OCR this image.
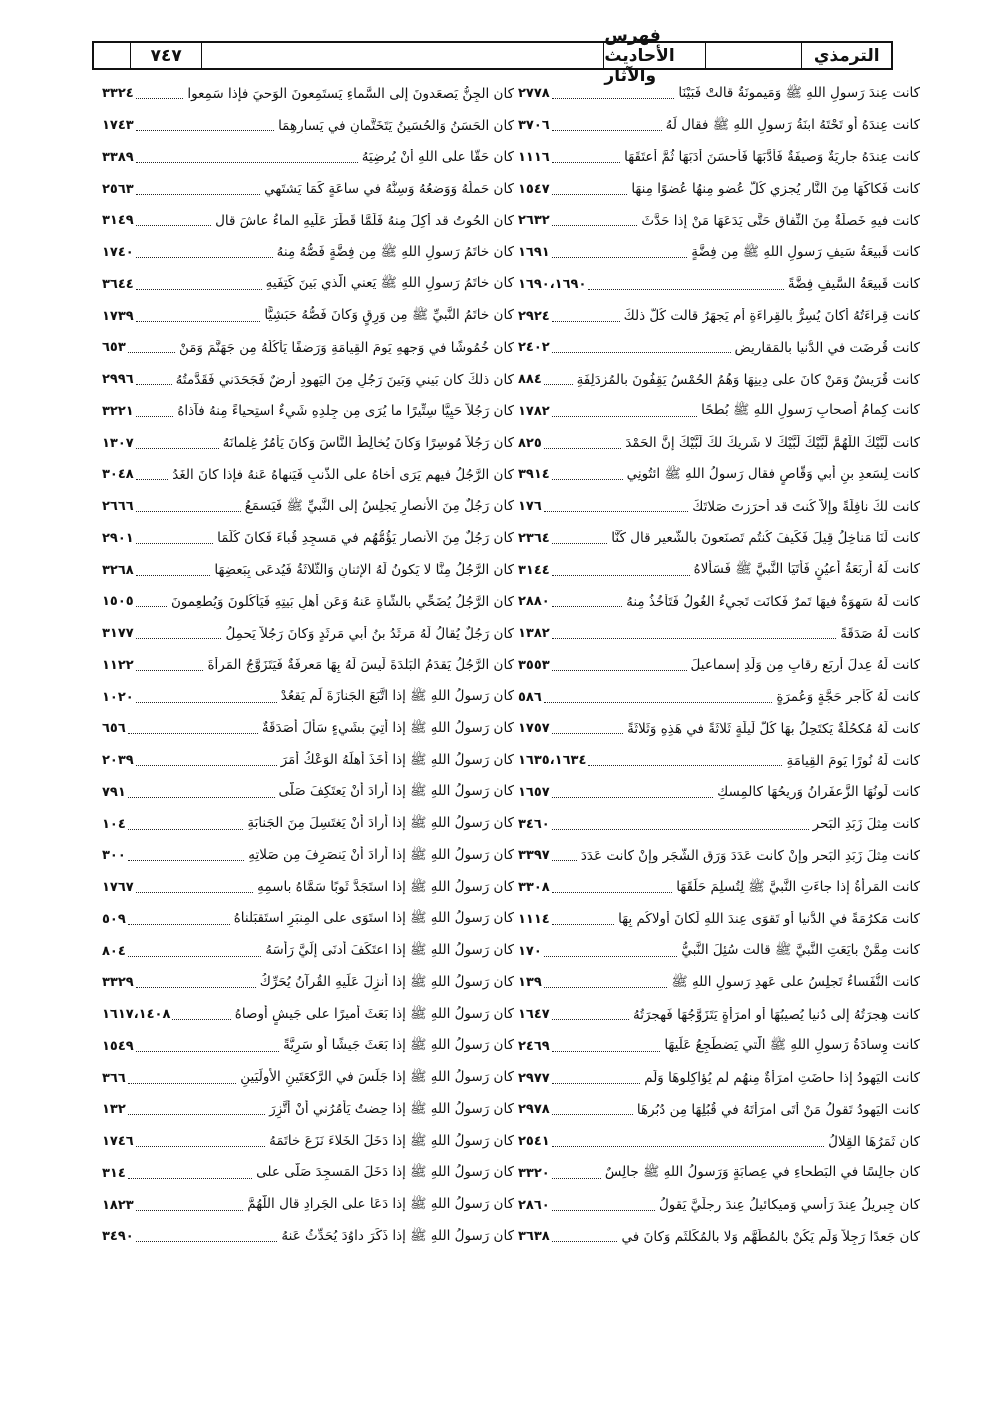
٧٤٧
فهرس الأحاديث والآثار
الترمذي
كانت عِندَ رَسولِ اللهِ ﷺ وَمَيمونَةُ قالتْ فَبَيْنَا
٢٧٧٨
كان الجِنُّ يَصعَدونَ إلى السَّماءِ يَستَمِعونَ الوَحيَ فإذا سَمِعوا
٣٣٢٤
كانت عِندَهُ أو تَحْتَهُ ابنَةُ رَسولِ اللهِ ﷺ فقال لَهُ
٣٧٠٦
كان الحَسَنُ وَالحُسَينُ يَتَخَتَّمانِ في يَسارِهِمَا
١٧٤٣
كانت عِندَهُ جارِيَةٌ وَصيفَةٌ فَأَدَّبَهَا فَأَحسَنَ أدَبَهَا ثُمَّ أعتَقَهَا
١١١٦
كان حَقًّا على اللهِ أنْ يُرضِيَهُ
٣٣٨٩
كانت فَكاكَهَا مِنَ النَّارِ يُجزِي كُلُّ عُضوٍ مِنهُا عُضوًا مِنهَا
١٥٤٧
كان حَملُهُ وَوَضعُهُ وَسِنُّهُ في ساعَةٍ كَمَا يَشتَهِي
٢٥٦٣
كانت فيهِ خَصلَةٌ مِنَ النِّفاقِ حَتَّى يَدَعَهَا مَنْ إِذا حَدَّثَ
٢٦٣٢
كان الحُوتُ قد أُكِلَ مِنهُ فَلَمَّا قَطَرَ عَلَيهِ الماءُ عاشَ قال
٣١٤٩
كانت قَبيعَةُ سَيفِ رَسولِ اللهِ ﷺ مِن فِضَّةٍ
١٦٩١
كان خاتَمُ رَسولِ اللهِ ﷺ مِن فِضَّةٍ فَصُّهُ مِنهُ
١٧٤٠
كانت قَبيعَةُ السَّيفِ فِضَّةً
١٦٩٠،١٦٩٠
كان خاتَمُ رَسولِ اللهِ ﷺ يَعني الَّذي بَينَ كَتِفَيهِ
٣٦٤٤
كانت قِراءَتُهُ أكانَ يُسِرُّ بالقِراءَةِ أم يَجهَرُ قالت كُلُّ ذلكَ
٢٩٢٤
كان خاتَمُ النَّبيِّ ﷺ مِن وَرِقٍ وَكانَ فَصُّهُ حَبَشِيًّا
١٧٣٩
كانت قُرضَت في الدُّنيا بالمَقاريضِ
٢٤٠٢
كان خُمُوشًا في وَجهِهِ يَومَ القِيامَةِ وَرَضفًا يَأكُلُهُ مِن جَهَنَّمَ وَمَنْ
٦٥٣
كانت قُرَيشٌ وَمَنْ كانَ على دِينِهَا وَهُمُ الحُمْسُ يَقِفُونَ بالمُزدَلِفَةِ
٨٨٤
كان ذلكَ كان بَيني وَبَينَ رَجُلٍ مِنَ اليَهودِ أرضٌ فَجَحَدَني فَقَدَّمتُهُ
٢٩٩٦
كانت كِمامُ أصحابِ رَسولِ اللهِ ﷺ بُطحًا
١٧٨٢
كان رَجُلاً حَيِيًّا سِتِّيرًا ما يُرَى مِن جِلدِهِ شَيءٌ استِحياءً مِنهُ فآذاهُ
٣٢٢١
كانت لَبَّيْكَ اللَّهُمَّ لَبَّيْكَ لَبَّيْكَ لا شَريكَ لكَ لَبَّيْكَ إنَّ الحَمْدَ
٨٢٥
كان رَجُلاً مُوسِرًا وَكانَ يُخالِطُ النَّاسَ وَكانَ يَأمُرُ غِلمانَهُ
١٣٠٧
كانت لِسَعدِ بنِ أبي وَقَّاصٍ فقال رَسولُ اللهِ ﷺ ائتُونِي
٣٩١٤
كان الرَّجُلُ فيهِم يَرَى أخاهُ على الذَّنبِ فَيَنهاهُ عَنهُ فإذا كانَ الغَدُ
٣٠٤٨
كانت لكَ نافِلَةً وإلاَّ كُنتَ قد أحرَزتَ صَلاتَكَ
١٧٦
كان رَجُلٌ مِنَ الأنصارِ يَجلِسُ إلى النَّبيِّ ﷺ فَيَسمَعُ
٢٦٦٦
كانت لَنَا مَناخِلُ قِيلَ فَكَيفَ كُنتُم تَصنَعونَ بالشَّعيرِ قال كُنَّا
٢٣٦٤
كان رَجُلٌ مِنَ الأنصارِ يَؤُمُّهُم في مَسجِدِ قُباءَ فَكانَ كُلَّمَا
٢٩٠١
كانت لَهُ أربَعَةُ أعيُنٍ فَأتَيَا النَّبيَّ ﷺ فَسَأَلاهُ
٣١٤٤
كان الرَّجُلُ مِنَّا لا يَكونُ لَهُ الإثنانِ وَالثَّلاثَةُ فَيُدعَى بِبَعضِهَا
٣٢٦٨
كانت لَهُ سَهوَةٌ فيهَا تَمرٌ فَكانَت تَجيءُ الغُولُ فَتَأخُذُ مِنهُ
٢٨٨٠
كان الرَّجُلُ يُضَحِّي بالشَّاةِ عَنهُ وَعَن أهلِ بَيتِهِ فَيَأكُلونَ وَيُطعِمونَ
١٥٠٥
كانت لَهُ صَدَقَةً
١٣٨٢
كان رَجُلٌ يُقالُ لَهُ مَرثَدُ بنُ أبي مَرثَدٍ وَكانَ رَجُلاً يَحمِلُ
٣١٧٧
كانت لَهُ عِدلَ أربَعِ رِقابٍ مِن وَلَدِ إسماعيلَ
٣٥٥٣
كان الرَّجُلُ يَقدَمُ البَلدَةَ لَيسَ لَهُ بِهَا مَعرِفَةٌ فَيَتَزَوَّجُ المَرأةَ
١١٢٢
كانت لَهُ كَأَجرِ حَجَّةٍ وَعُمرَةٍ
٥٨٦
كان رَسولُ اللهِ ﷺ إذا اتَّبَعَ الجَنازَةَ لَم يَقعُدْ
١٠٢٠
كانت لَهُ مُكحُلَةٌ يَكتَحِلُ بهَا كُلَّ لَيلَةٍ ثَلاثَةً في هَذِهِ وَثَلاثَةً
١٧٥٧
كان رَسولُ اللهِ ﷺ إذا أُتِيَ بشَيءٍ سَألَ أصَدَقَةٌ
٦٥٦
كانت لَهُ نُورًا يَومَ القِيامَةِ
١٦٣٥،١٦٣٤
كان رَسولُ اللهِ ﷺ إذا أخَذَ أهلَهُ الوَعْكُ أمَرَ
٢٠٣٩
كانت لَونُهَا الزَّعفَرانُ وَريحُهَا كالمِسكِ
١٦٥٧
كان رَسولُ اللهِ ﷺ إذا أرادَ أنْ يَعتَكِفَ صَلَّى
٧٩١
كانت مِثلَ زَبَدِ البَحرِ
٣٤٦٠
كان رَسولُ اللهِ ﷺ إذا أرادَ أنْ يَغتَسِلَ مِنَ الجَنابَةِ
١٠٤
كانت مِثلَ زَبَدِ البَحرِ وإنْ كانت عَدَدَ وَرَقِ الشَّجَرِ وإنْ كانت عَدَدَ
٣٣٩٧
كان رَسولُ اللهِ ﷺ إذا أرادَ أنْ يَنصَرِفَ مِن صَلاتِهِ
٣٠٠
كانت المَرأةُ إذا جاءَتِ النَّبيَّ ﷺ لِتُسلِمَ حَلَقَهَا
٣٣٠٨
كان رَسولُ اللهِ ﷺ إذا استَجَدَّ ثَوبًا سَمَّاهُ باسمِهِ
١٧٦٧
كانت مَكرُمَةً في الدُّنيا أو تَقوَى عِندَ اللهِ لَكانَ أولاكُم بِهَا
١١١٤
كان رَسولُ اللهِ ﷺ إذا استَوَى على المِنبَرِ استَقبَلناهُ
٥٠٩
كانت مِمَّنْ بايَعَتِ النَّبيَّ ﷺ قالت سُئِلَ النَّبيُّ
١٧٠
كان رَسولُ اللهِ ﷺ إذا اعتَكَفَ أدنَى إلَيَّ رَأسَهُ
٨٠٤
كانت النُّفَساءُ تَجلِسُ على عَهدِ رَسولِ اللهِ ﷺ
١٣٩
كان رَسولُ اللهِ ﷺ إذا أُنزِلَ عَلَيهِ القُرآنُ يُحَرِّكُ
٣٣٢٩
كانت هِجرَتُهُ إلى دُنيا يُصيبُهَا أو امرَأةٍ يَتَزَوَّجُهَا فَهِجرَتُهُ
١٦٤٧
كان رَسولُ اللهِ ﷺ إذا بَعَثَ أميرًا على جَيشٍ أوصاهُ
١٦١٧،١٤٠٨
كانت وِسادَةُ رَسولِ اللهِ ﷺ الَّتي يَضطَجِعُ عَلَيهَا
٢٤٦٩
كان رَسولُ اللهِ ﷺ إذا بَعَثَ جَيشًا أو سَرِيَّةً
١٥٤٩
كانت اليَهودُ إذا حاضَتِ امرَأةٌ مِنهُم لم يُؤاكِلوهَا وَلَم
٢٩٧٧
كان رَسولُ اللهِ ﷺ إذا جَلَسَ في الرَّكعَتَينِ الأُولَيَينِ
٣٦٦
كانت اليَهودُ تَقولُ مَنْ أتَى امرَأتَهُ في قُبُلِهَا مِن دُبُرِهَا
٢٩٧٨
كان رَسولُ اللهِ ﷺ إذا حِضتُ يَأمُرُني أنْ أتَّزِرَ
١٣٢
كان ثَمَرُهَا القِلالُ
٢٥٤١
كان رَسولُ اللهِ ﷺ إذا دَخَلَ الخَلاءَ نَزَعَ خاتَمَهُ
١٧٤٦
كان جالِسًا في البَطحاءِ في عِصابَةٍ وَرَسولُ اللهِ ﷺ جالِسٌ
٣٣٢٠
كان رَسولُ اللهِ ﷺ إذا دَخَلَ المَسجِدَ صَلَّى على
٣١٤
كان جِبريلُ عِندَ رَأسي وَميكائيلُ عِندَ رِجلَيَّ يَقولُ
٢٨٦٠
كان رَسولُ اللهِ ﷺ إذا دَعَا على الجَرادِ قال اللَّهُمَّ
١٨٢٣
كان جَعدًا رَجِلاً وَلَم يَكُنْ بالمُطَهَّمِ وَلا بالمُكَلثَمِ وَكانَ في
٣٦٣٨
كان رَسولُ اللهِ ﷺ إذا ذَكَرَ داوُدَ يُحَدِّثُ عَنهُ
٣٤٩٠
